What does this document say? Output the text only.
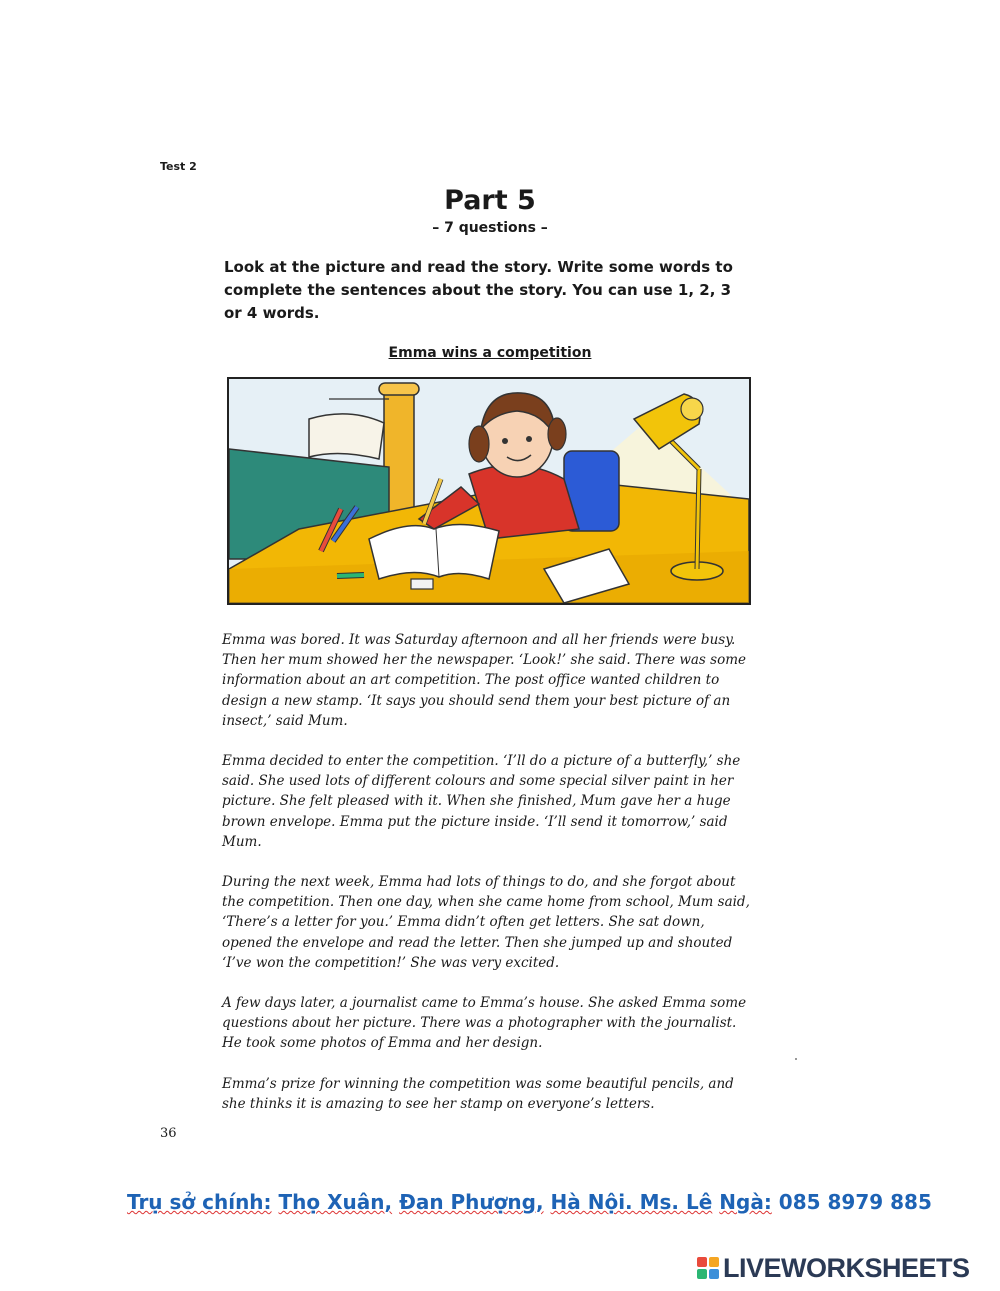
Test 2
Part 5
– 7 questions –
Look at the picture and read the story. Write some words to complete the sentences about the story. You can use 1, 2, 3 or 4 words.
Emma wins a competition

Emma was bored. It was Saturday afternoon and all her friends were busy. Then her mum showed her the newspaper. ‘Look!’ she said. There was some information about an art competition. The post office wanted children to design a new stamp. ‘It says you should send them your best picture of an insect,’ said Mum.

Emma decided to enter the competition. ‘I’ll do a picture of a butterfly,’ she said. She used lots of different colours and some special silver paint in her picture. She felt pleased with it. When she finished, Mum gave her a huge brown envelope. Emma put the picture inside. ‘I’ll send it tomorrow,’ said Mum.

During the next week, Emma had lots of things to do, and she forgot about the competition. Then one day, when she came home from school, Mum said, ‘There’s a letter for you.’ Emma didn’t often get letters. She sat down, opened the envelope and read the letter. Then she jumped up and shouted ‘I’ve won the competition!’ She was very excited.

A few days later, a journalist came to Emma’s house. She asked Emma some questions about her picture. There was a photographer with the journalist. He took some photos of Emma and her design.

Emma’s prize for winning the competition was some beautiful pencils, and she thinks it is amazing to see her stamp on everyone’s letters.

36
Trụ sở chính: Thọ Xuân, Đan Phượng, Hà Nội. Ms. Lê Ngà: 085 8979 885
LIVEWORKSHEETS
